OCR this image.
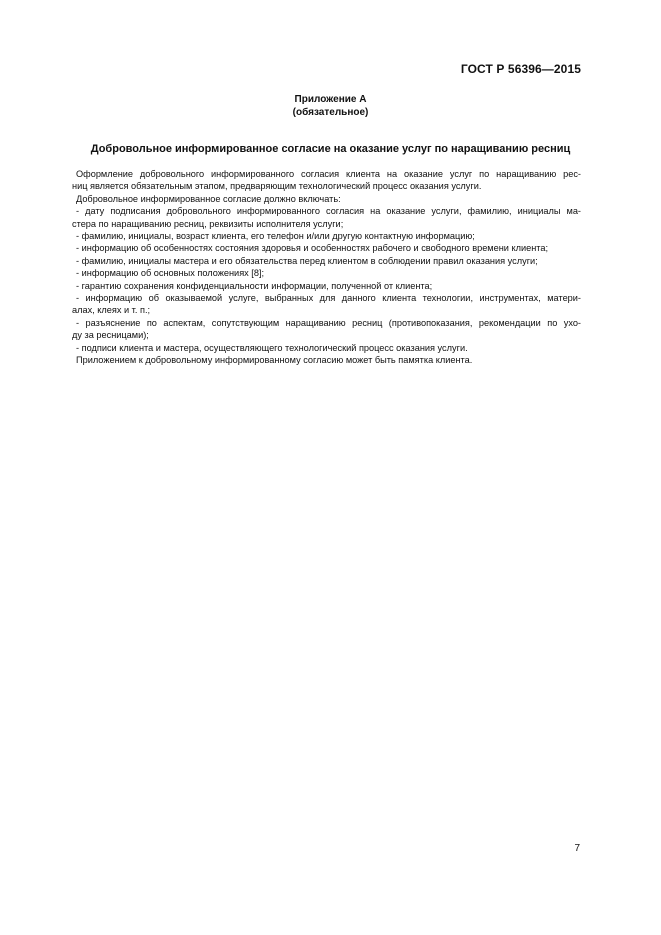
ГОСТ Р 56396—2015
Приложение А
(обязательное)
Добровольное информированное согласие на оказание услуг по наращиванию ресниц
Оформление добровольного информированного согласия клиента на оказание услуг по наращиванию рес-
ниц является обязательным этапом, предваряющим технологический процесс оказания услуги.
Добровольное информированное согласие должно включать:
- дату подписания добровольного информированного согласия на оказание услуги, фамилию, инициалы ма-
стера по наращиванию ресниц, реквизиты исполнителя услуги;
- фамилию, инициалы, возраст клиента, его телефон и/или другую контактную информацию;
- информацию об особенностях состояния здоровья и особенностях рабочего и свободного времени клиента;
- фамилию, инициалы мастера и его обязательства перед клиентом в соблюдении правил оказания услуги;
- информацию об основных положениях [8];
- гарантию сохранения конфиденциальности информации, полученной от клиента;
- информацию об оказываемой услуге, выбранных для данного клиента технологии, инструментах, матери-
алах, клеях и т. п.;
- разъяснение по аспектам, сопутствующим наращиванию ресниц (противопоказания, рекомендации по ухо-
ду за ресницами);
- подписи клиента и мастера, осуществляющего технологический процесс оказания услуги.
Приложением к добровольному информированному согласию может быть памятка клиента.
7
